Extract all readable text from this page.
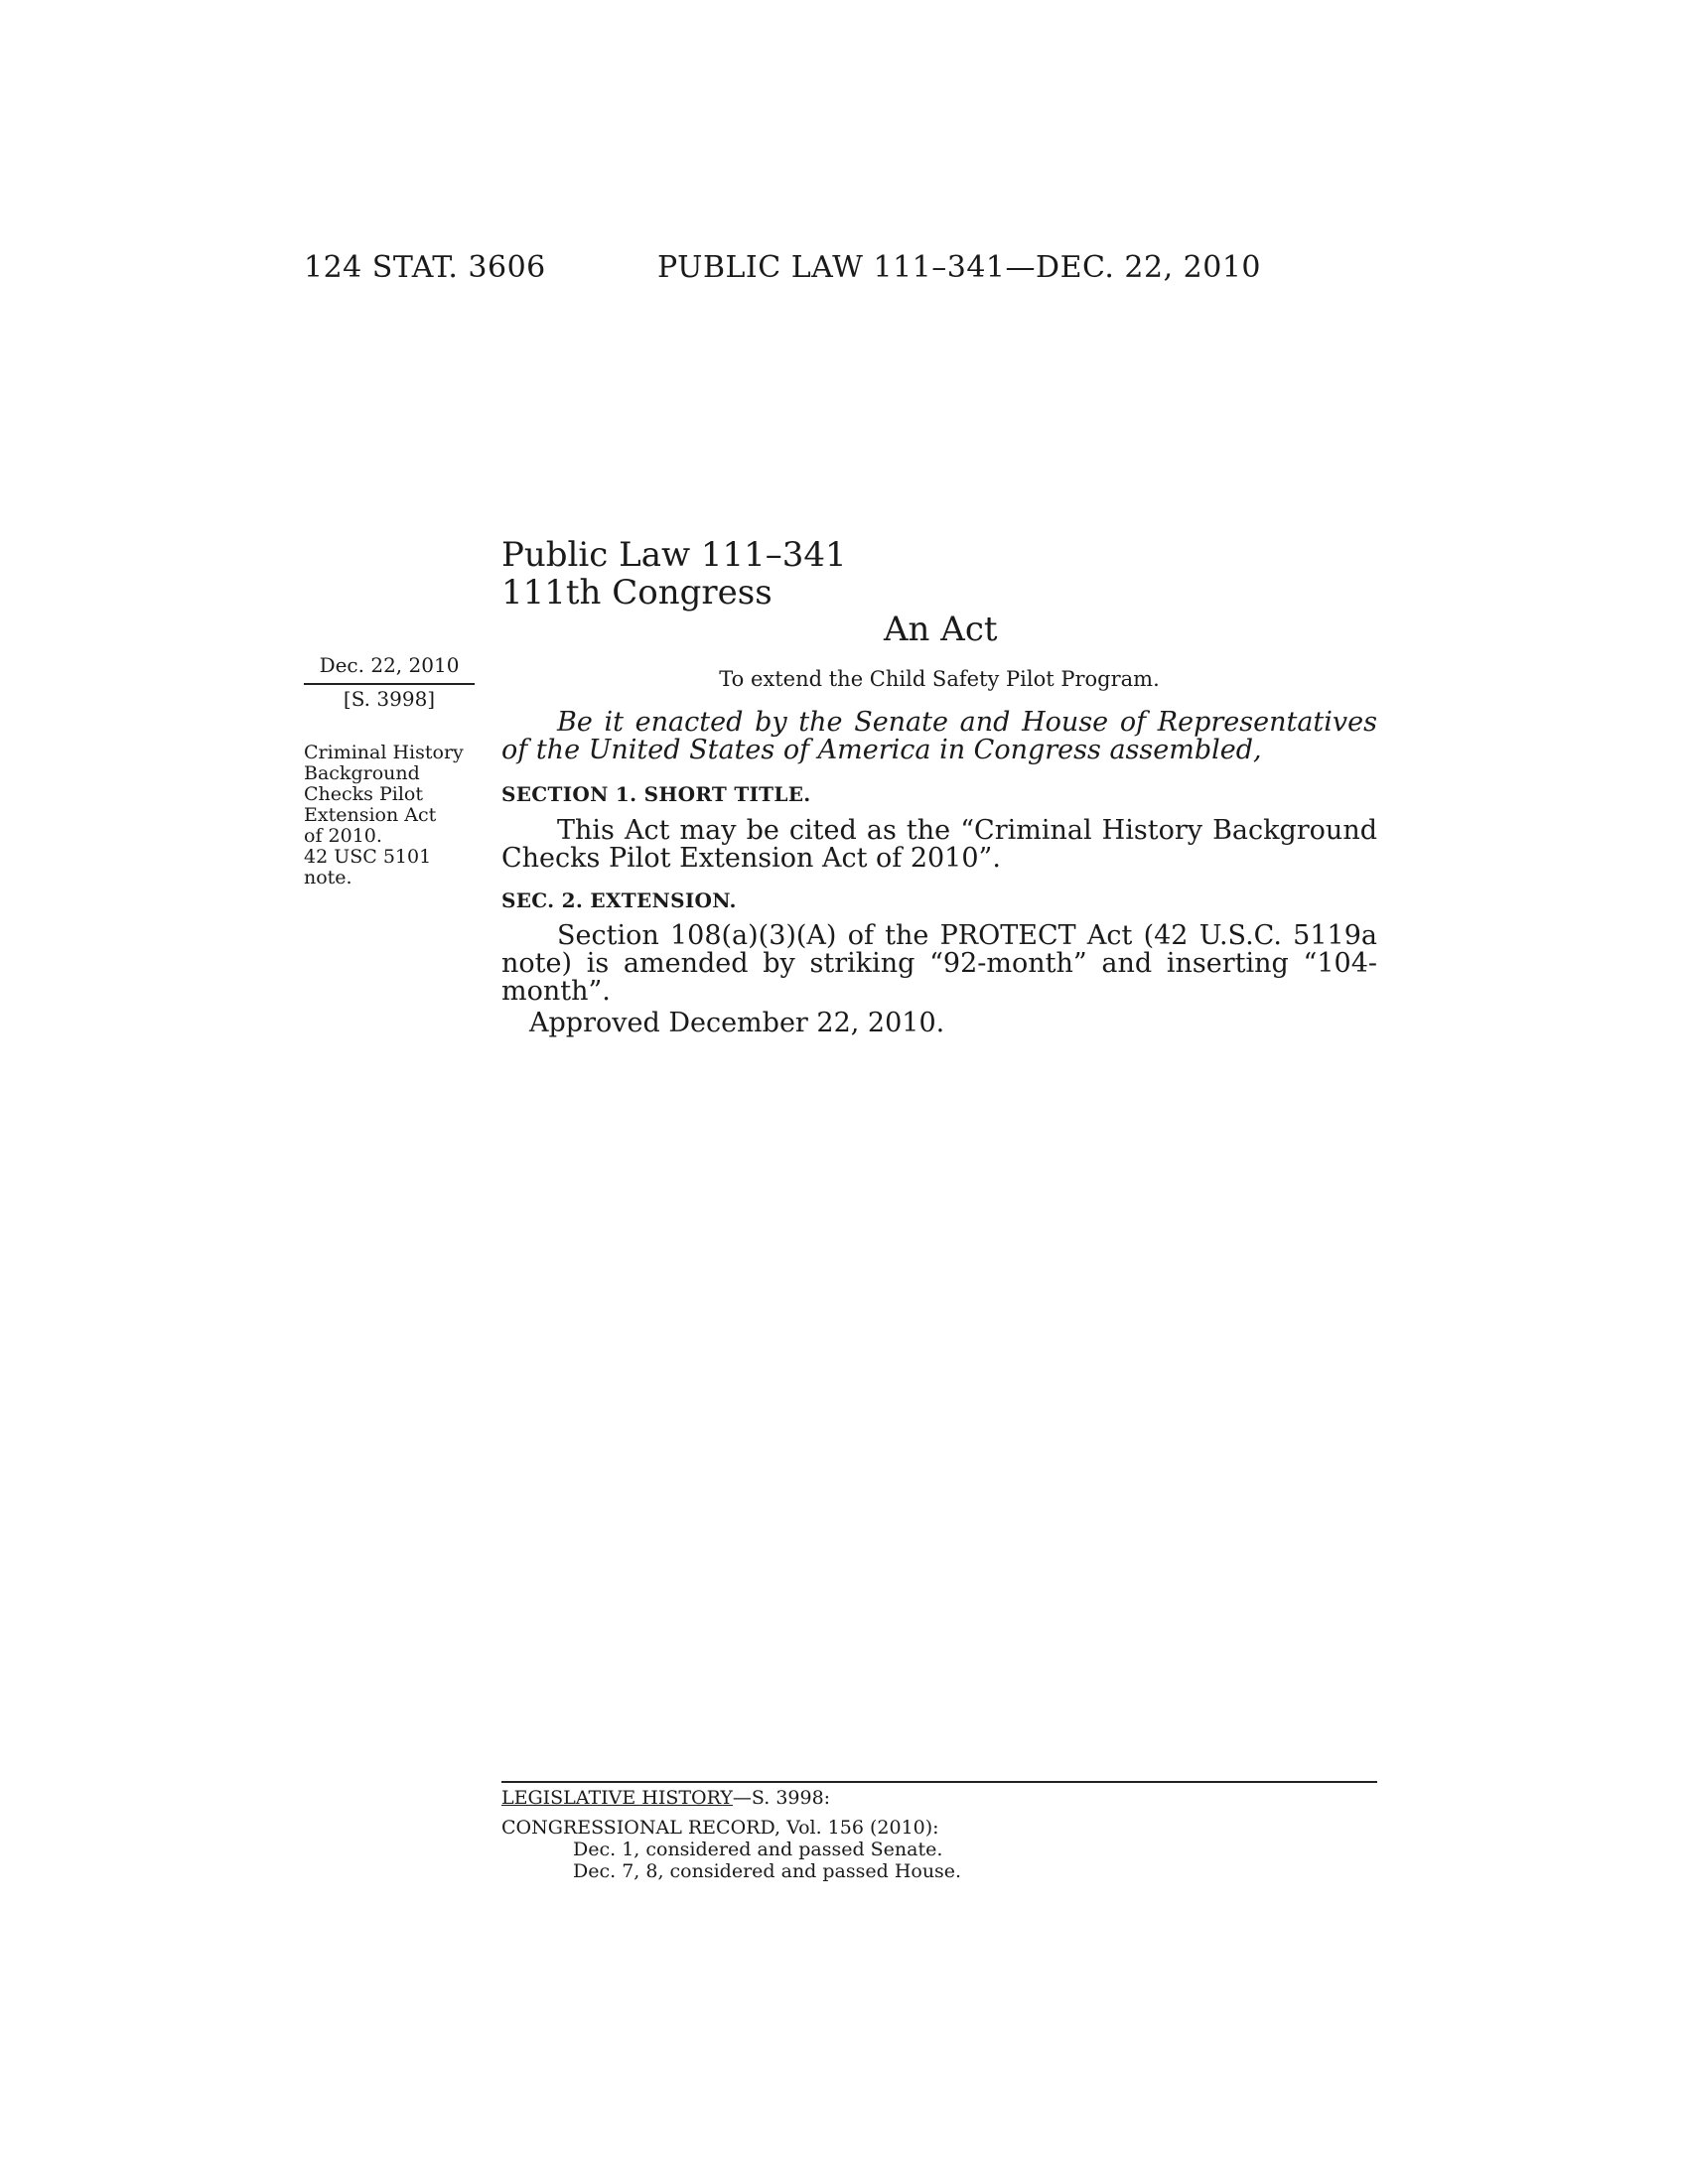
124 STAT. 3606	PUBLIC LAW 111–341—DEC. 22, 2010
Public Law 111–341
111th Congress
An Act
To extend the Child Safety Pilot Program.
Dec. 22, 2010
[S. 3998]
Criminal History
Background
Checks Pilot
Extension Act
of 2010.
42 USC 5101
note.
Be it enacted by the Senate and House of Representatives of the United States of America in Congress assembled,
SECTION 1. SHORT TITLE.
This Act may be cited as the “Criminal History Background Checks Pilot Extension Act of 2010”.
SEC. 2. EXTENSION.
Section 108(a)(3)(A) of the PROTECT Act (42 U.S.C. 5119a note) is amended by striking “92-month” and inserting “104-month”.
Approved December 22, 2010.
LEGISLATIVE HISTORY—S. 3998:
CONGRESSIONAL RECORD, Vol. 156 (2010):
Dec. 1, considered and passed Senate.
Dec. 7, 8, considered and passed House.
